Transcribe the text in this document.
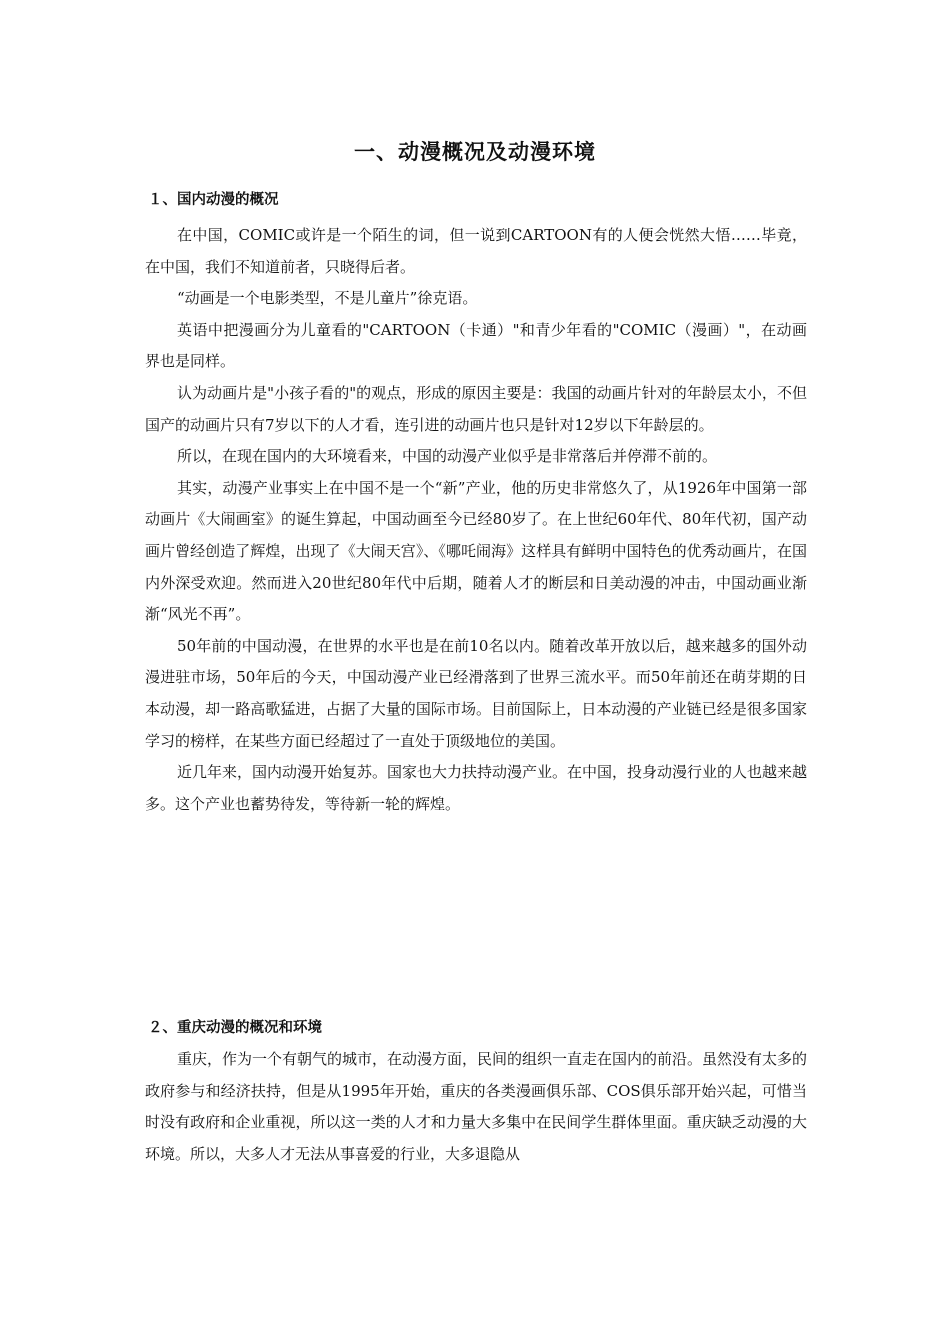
一、动漫概况及动漫环境
１、国内动漫的概况

在中国，COMIC或许是一个陌生的词，但一说到CARTOON有的人便会恍然大悟……毕竟，在中国，我们不知道前者，只晓得后者。

“动画是一个电影类型，不是儿童片”徐克语。

英语中把漫画分为儿童看的"CARTOON（卡通）"和青少年看的"COMIC（漫画）"，在动画界也是同样。

认为动画片是"小孩子看的"的观点，形成的原因主要是：我国的动画片针对的年龄层太小，不但国产的动画片只有7岁以下的人才看，连引进的动画片也只是针对12岁以下年龄层的。

所以，在现在国内的大环境看来，中国的动漫产业似乎是非常落后并停滞不前的。

其实，动漫产业事实上在中国不是一个“新”产业，他的历史非常悠久了，从1926年中国第一部动画片《大闹画室》的诞生算起，中国动画至今已经80岁了。在上世纪60年代、80年代初，国产动画片曾经创造了辉煌，出现了《大闹天宫》、《哪吒闹海》这样具有鲜明中国特色的优秀动画片，在国内外深受欢迎。然而进入20世纪80年代中后期，随着人才的断层和日美动漫的冲击，中国动画业渐渐“风光不再”。

50年前的中国动漫，在世界的水平也是在前10名以内。随着改革开放以后，越来越多的国外动漫进驻市场，50年后的今天，中国动漫产业已经滑落到了世界三流水平。而50年前还在萌芽期的日本动漫，却一路高歌猛进，占据了大量的国际市场。目前国际上，日本动漫的产业链已经是很多国家学习的榜样，在某些方面已经超过了一直处于顶级地位的美国。

近几年来，国内动漫开始复苏。国家也大力扶持动漫产业。在中国，投身动漫行业的人也越来越多。这个产业也蓄势待发，等待新一轮的辉煌。

２、重庆动漫的概况和环境

重庆，作为一个有朝气的城市，在动漫方面，民间的组织一直走在国内的前沿。虽然没有太多的政府参与和经济扶持，但是从1995年开始，重庆的各类漫画俱乐部、COS俱乐部开始兴起，可惜当时没有政府和企业重视，所以这一类的人才和力量大多集中在民间学生群体里面。重庆缺乏动漫的大环境。所以，大多人才无法从事喜爱的行业，大多退隐从
